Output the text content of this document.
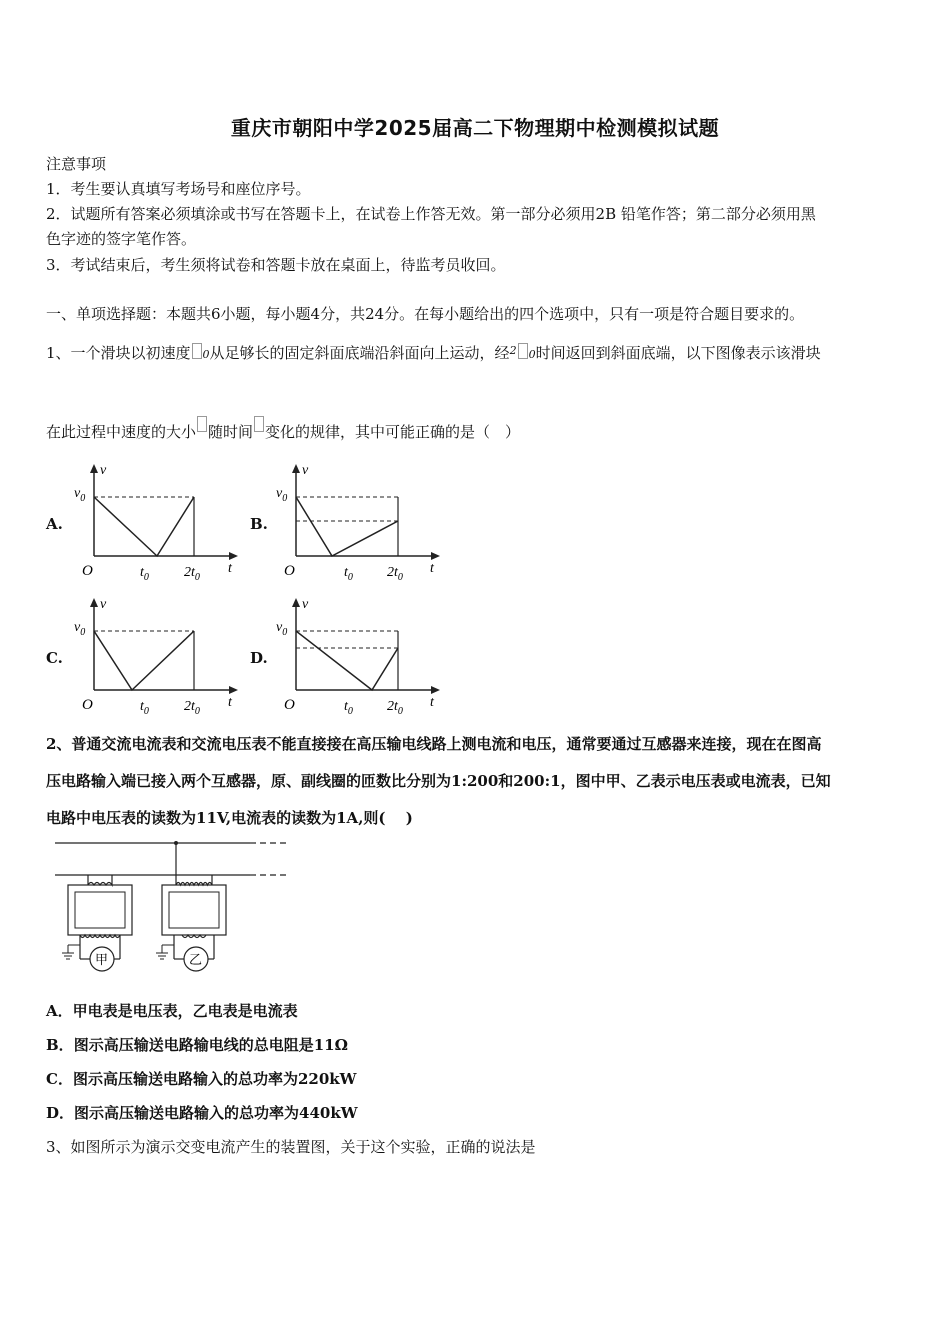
重庆市朝阳中学2025届高二下物理期中检测模拟试题
注意事项
1．考生要认真填写考场号和座位序号。
2．试题所有答案必须填涂或书写在答题卡上，在试卷上作答无效。第一部分必须用2B 铅笔作答；第二部分必须用黑
色字迹的签字笔作答。
3．考试结束后，考生须将试卷和答题卡放在桌面上，待监考员收回。
一、单项选择题：本题共6小题，每小题4分，共24分。在每小题给出的四个选项中，只有一项是符合题目要求的。
1、一个滑块以初速度 0从足够长的固定斜面底端沿斜面向上运动，经$^2$ 0时间返回到斜面底端，以下图像表示该滑块
在此过程中速度的大小 随时间 变化的规律，其中可能正确的是（　）
A.	B.
C.	D.
v
$v_0$
O	$t_0$	$2t_0$
t
v
$v_0$
O	$t_0$ $2t_0$
t
v
$v_0$
O	$t_0$	$2t_0$
t
v
$v_0$
O	$t_0$ $2t_0$
t
2、普通交流电流表和交流电压表不能直接接在高压输电线路上测电流和电压，通常要通过互感器来连接，现在在图高
压电路输入端已接入两个互感器，原、副线圈的匝数比分别为1:200和200:1，图中甲、乙表示电压表或电流表，已知
电路中电压表的读数为11V,电流表的读数为1A,则(　 )
甲	乙
A．甲电表是电压表，乙电表是电流表
B．图示高压输送电路输电线的总电阻是11Ω
C．图示高压输送电路输入的总功率为220kW
D．图示高压输送电路输入的总功率为440kW
3、如图所示为演示交变电流产生的装置图，关于这个实验，正确的说法是
